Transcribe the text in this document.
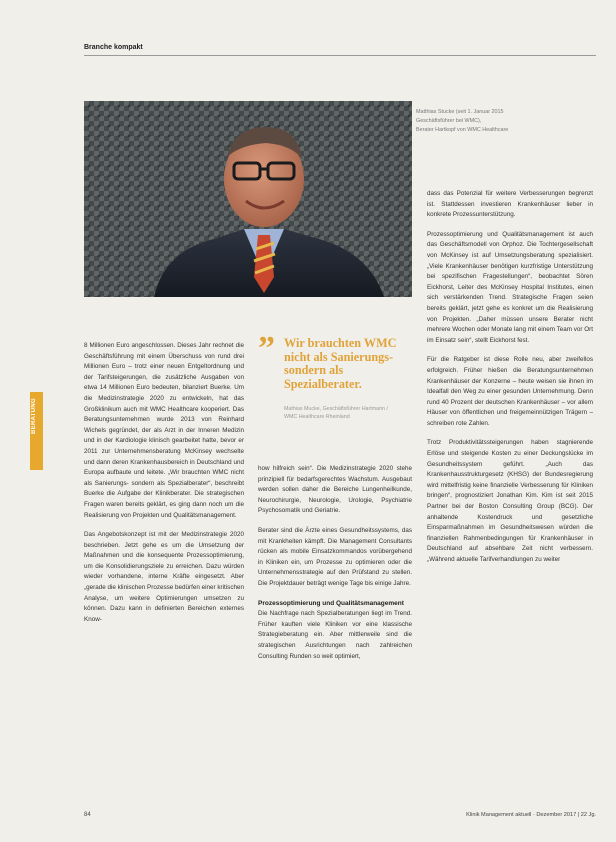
Branche kompakt
BERATUNG
Matthias Stucke (seit 1. Januar 2015
Geschäftsführer bei WMC),
Berater Hartkopf von WMC Healthcare

8 Millionen Euro angeschlossen. Dieses Jahr rechnet die Geschäftsführung mit einem Überschuss von rund drei Millionen Euro – trotz einer neuen Entgeltordnung und der Tarifsteigerungen, die zusätzliche Ausgaben von etwa 14 Millionen Euro bedeuten, bilanziert Buerke. Um die Medizinstrategie 2020 zu entwickeln, hat das Großklinikum auch mit WMC Healthcare kooperiert. Das Beratungsunternehmen wurde 2013 von Reinhard Wichels gegründet, der als Arzt in der Inneren Medizin und in der Kardiologie klinisch gearbeitet hatte, bevor er 2011 zur Unternehmensberatung McKinsey wechselte und dann deren Krankenhausbereich in Deutschland und Europa aufbaute und leitete. „Wir brauchten WMC nicht als Sanierungs- sondern als Spezialberater“, beschreibt Buerke die Aufgabe der Klinikberater. Die strategischen Fragen waren bereits geklärt, es ging dann noch um die Realisierung von Projekten und Qualitätsmanagement.

Das Angebotskonzept ist mit der Medizinstrategie 2020 beschrieben. Jetzt gehe es um die Umsetzung der Maßnahmen und die konsequente Prozessoptimierung, um die Konsolidierungsziele zu erreichen. Dazu würden wieder vorhandene, interne Kräfte eingesetzt. Aber „gerade die klinischen Prozesse bedürfen einer kritischen Analyse, um weitere Optimierungen umsetzen zu können. Dazu kann in definierten Bereichen externes Know-

” Wir brauchten WMC nicht als Sanierungs-sondern als Spezialberater.
Mathias Mucke, Geschäftsführer Hartmann / WMC Healthcare Rheinland

how hilfreich sein“. Die Medizinstrategie 2020 stehe prinzipiell für bedarfsgerechtes Wachstum. Ausgebaut werden sollen daher die Bereiche Lungenheilkunde, Neurochirurgie, Neurologie, Urologie, Psychiatrie Psychosomatik und Geriatrie.

Berater sind die Ärzte eines Gesundheitssystems, das mit Krankheiten kämpft. Die Management Consultants rücken als mobile Einsatzkommandos vorübergehend in Kliniken ein, um Prozesse zu optimieren oder die Unternehmensstrategie auf den Prüfstand zu stellen. Die Projektdauer beträgt wenige Tage bis einige Jahre.

Prozessoptimierung und Qualitätsmanagement

Die Nachfrage nach Spezialberatungen liegt im Trend. Früher kauften viele Kliniken vor eine klassische Strategieberatung ein. Aber mittlerweile sind die strategischen Ausrichtungen nach zahlreichen Consulting Runden so weit optimiert,

dass das Potenzial für weitere Verbesserungen begrenzt ist. Stattdessen investieren Krankenhäuser lieber in konkrete Prozessunterstützung.

Prozessoptimierung und Qualitätsmanagement ist auch das Geschäftsmodell von Orphoz. Die Tochtergesellschaft von McKinsey ist auf Umsetzungsberatung spezialisiert. „Viele Krankenhäuser benötigen kurzfristige Unterstützung bei spezifischen Fragestellungen“, beobachtet Sören Eickhorst, Leiter des McKinsey Hospital Institutes, einen sich verstärkenden Trend. Strategische Fragen seien bereits geklärt, jetzt gehe es konkret um die Realisierung von Projekten. „Daher müssen unsere Berater nicht mehrere Wochen oder Monate lang mit einem Team vor Ort im Einsatz sein“, stellt Eickhorst fest.

Für die Ratgeber ist diese Rolle neu, aber zweifellos erfolgreich. Früher hießen die Beratungsunternehmen Krankenhäuser der Konzerne – heute weisen sie ihnen im Idealfall den Weg zu einer gesunden Unternehmung. Denn rund 40 Prozent der deutschen Krankenhäuser – vor allem Häuser von öffentlichen und freigemeinnützigen Trägern – schreiben rote Zahlen.

Trotz Produktivitätssteigerungen haben stagnierende Erlöse und steigende Kosten zu einer Deckungslücke im Gesundheitssystem geführt. „Auch das Krankenhausstrukturgesetz (KHSG) der Bundesregierung wird mittelfristig keine finanzielle Verbesserung für Kliniken bringen“, prognostiziert Jonathan Kim. Kim ist seit 2015 Partner bei der Boston Consulting Group (BCG). Der anhaltende Kostendruck und gesetzliche Einsparmaßnahmen im Gesundheitswesen würden die finanziellen Rahmenbedingungen für Krankenhäuser in Deutschland auf absehbare Zeit nicht verbessern. „Während aktuelle Tarifverhandlungen zu weiter

84	Klinik Management aktuell · Dezember 2017 | 22 Jg.
